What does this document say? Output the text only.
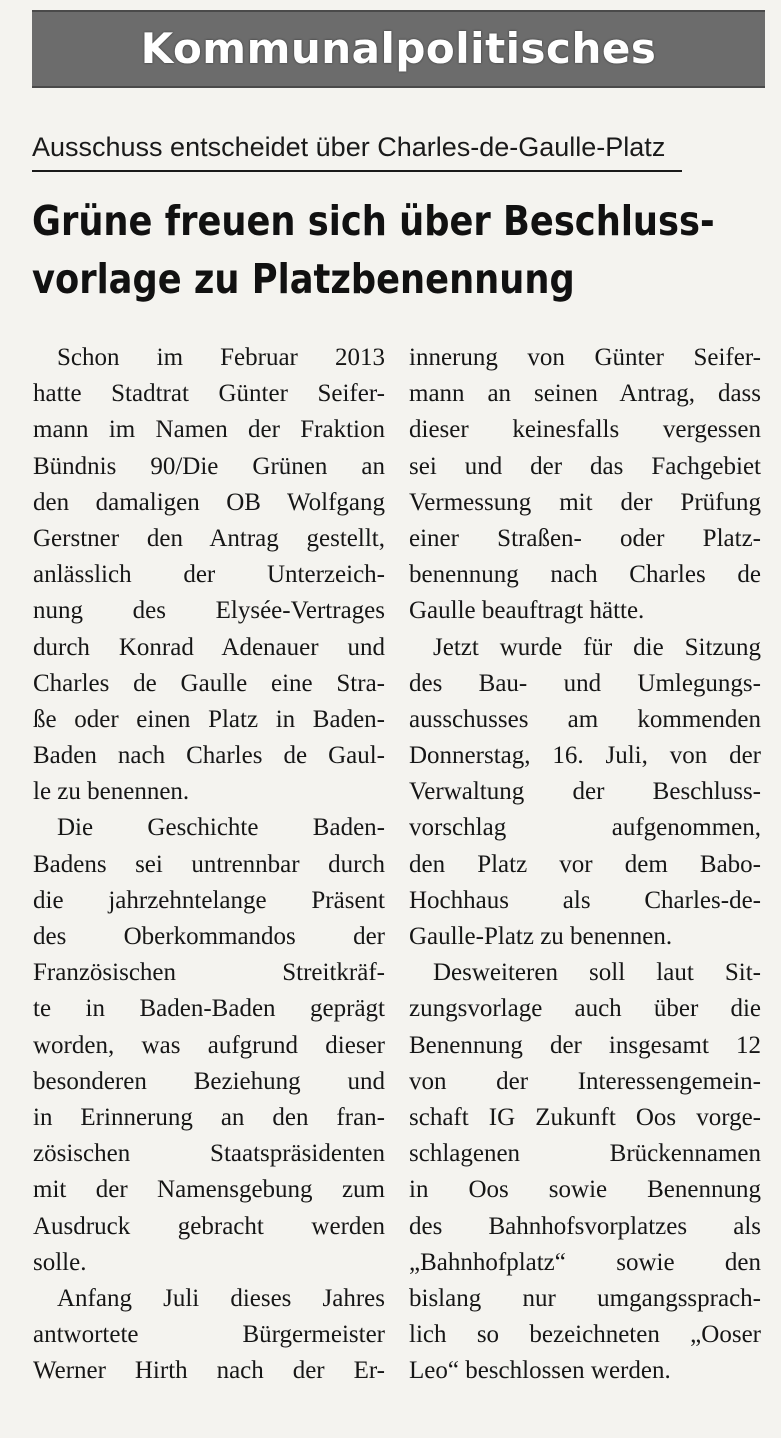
Kommunalpolitisches
Ausschuss entscheidet über Charles-de-Gaulle-Platz
Grüne freuen sich über Beschluss-
vorlage zu Platzbenennung
Schon im Februar 2013
hatte Stadtrat Günter Seifer-
mann im Namen der Fraktion
Bündnis 90/Die Grünen an
den damaligen OB Wolfgang
Gerstner den Antrag gestellt,
anlässlich der Unterzeich-
nung des Elysée-Vertrages
durch Konrad Adenauer und
Charles de Gaulle eine Stra-
ße oder einen Platz in Baden-
Baden nach Charles de Gaul-
le zu benennen.
Die Geschichte Baden-
Badens sei untrennbar durch
die jahrzehntelange Präsent
des Oberkommandos der
Französischen Streitkräf-
te in Baden-Baden geprägt
worden, was aufgrund dieser
besonderen Beziehung und
in Erinnerung an den fran-
zösischen Staatspräsidenten
mit der Namensgebung zum
Ausdruck gebracht werden
solle.
Anfang Juli dieses Jahres
antwortete Bürgermeister
Werner Hirth nach der Er-
innerung von Günter Seifer-
mann an seinen Antrag, dass
dieser keinesfalls vergessen
sei und der das Fachgebiet
Vermessung mit der Prüfung
einer Straßen- oder Platz-
benennung nach Charles de
Gaulle beauftragt hätte.
Jetzt wurde für die Sitzung
des Bau- und Umlegungs-
ausschusses am kommenden
Donnerstag, 16. Juli, von der
Verwaltung der Beschluss-
vorschlag aufgenommen,
den Platz vor dem Babo-
Hochhaus als Charles-de-
Gaulle-Platz zu benennen.
Desweiteren soll laut Sit-
zungsvorlage auch über die
Benennung der insgesamt 12
von der Interessengemein-
schaft IG Zukunft Oos vorge-
schlagenen Brückennamen
in Oos sowie Benennung
des Bahnhofsvorplatzes als
„Bahnhofplatz“ sowie den
bislang nur umgangssprach-
lich so bezeichneten „Ooser
Leo“ beschlossen werden.
